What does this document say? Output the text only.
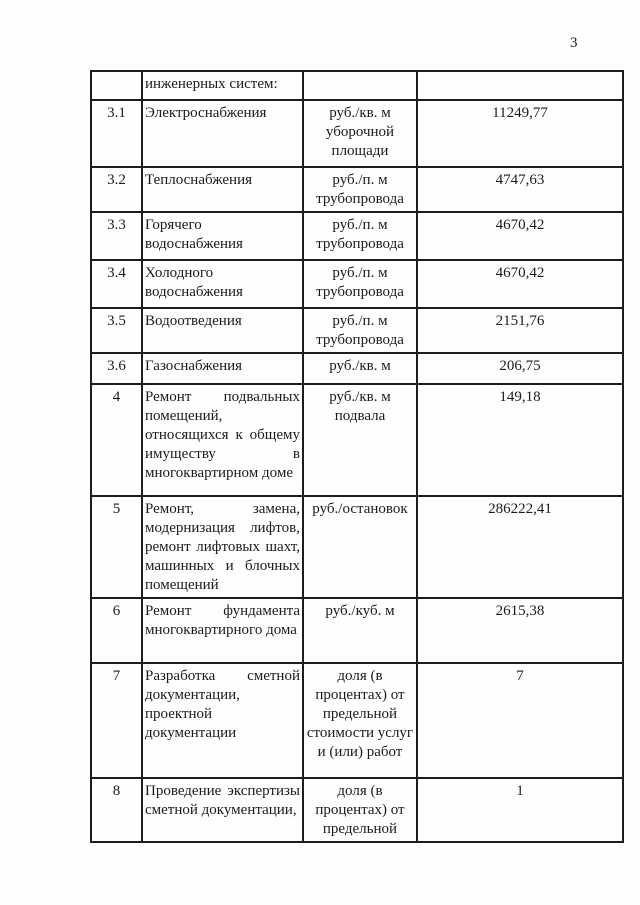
3
	инженерных систем:		
3.1	Электроснабжения	руб./кв. м уборочной площади	11249,77
3.2	Теплоснабжения	руб./п. м трубопровода	4747,63
3.3	Горячего водоснабжения	руб./п. м трубопровода	4670,42
3.4	Холодного водоснабжения	руб./п. м трубопровода	4670,42
3.5	Водоотведения	руб./п. м трубопровода	2151,76
3.6	Газоснабжения	руб./кв. м	206,75
4	Ремонт подвальных помещений, относящихся к общему имуществу в многоквартирном доме	руб./кв. м подвала	149,18
5	Ремонт, замена, модернизация лифтов, ремонт лифтовых шахт, машинных и блочных помещений	руб./остановок	286222,41
6	Ремонт фундамента многоквартирного дома	руб./куб. м	2615,38
7	Разработка сметной документации, проектной документации	доля (в процентах) от предельной стоимости услуг и (или) работ	7
8	Проведение экспертизы сметной документации,	доля (в процентах) от предельной	1
